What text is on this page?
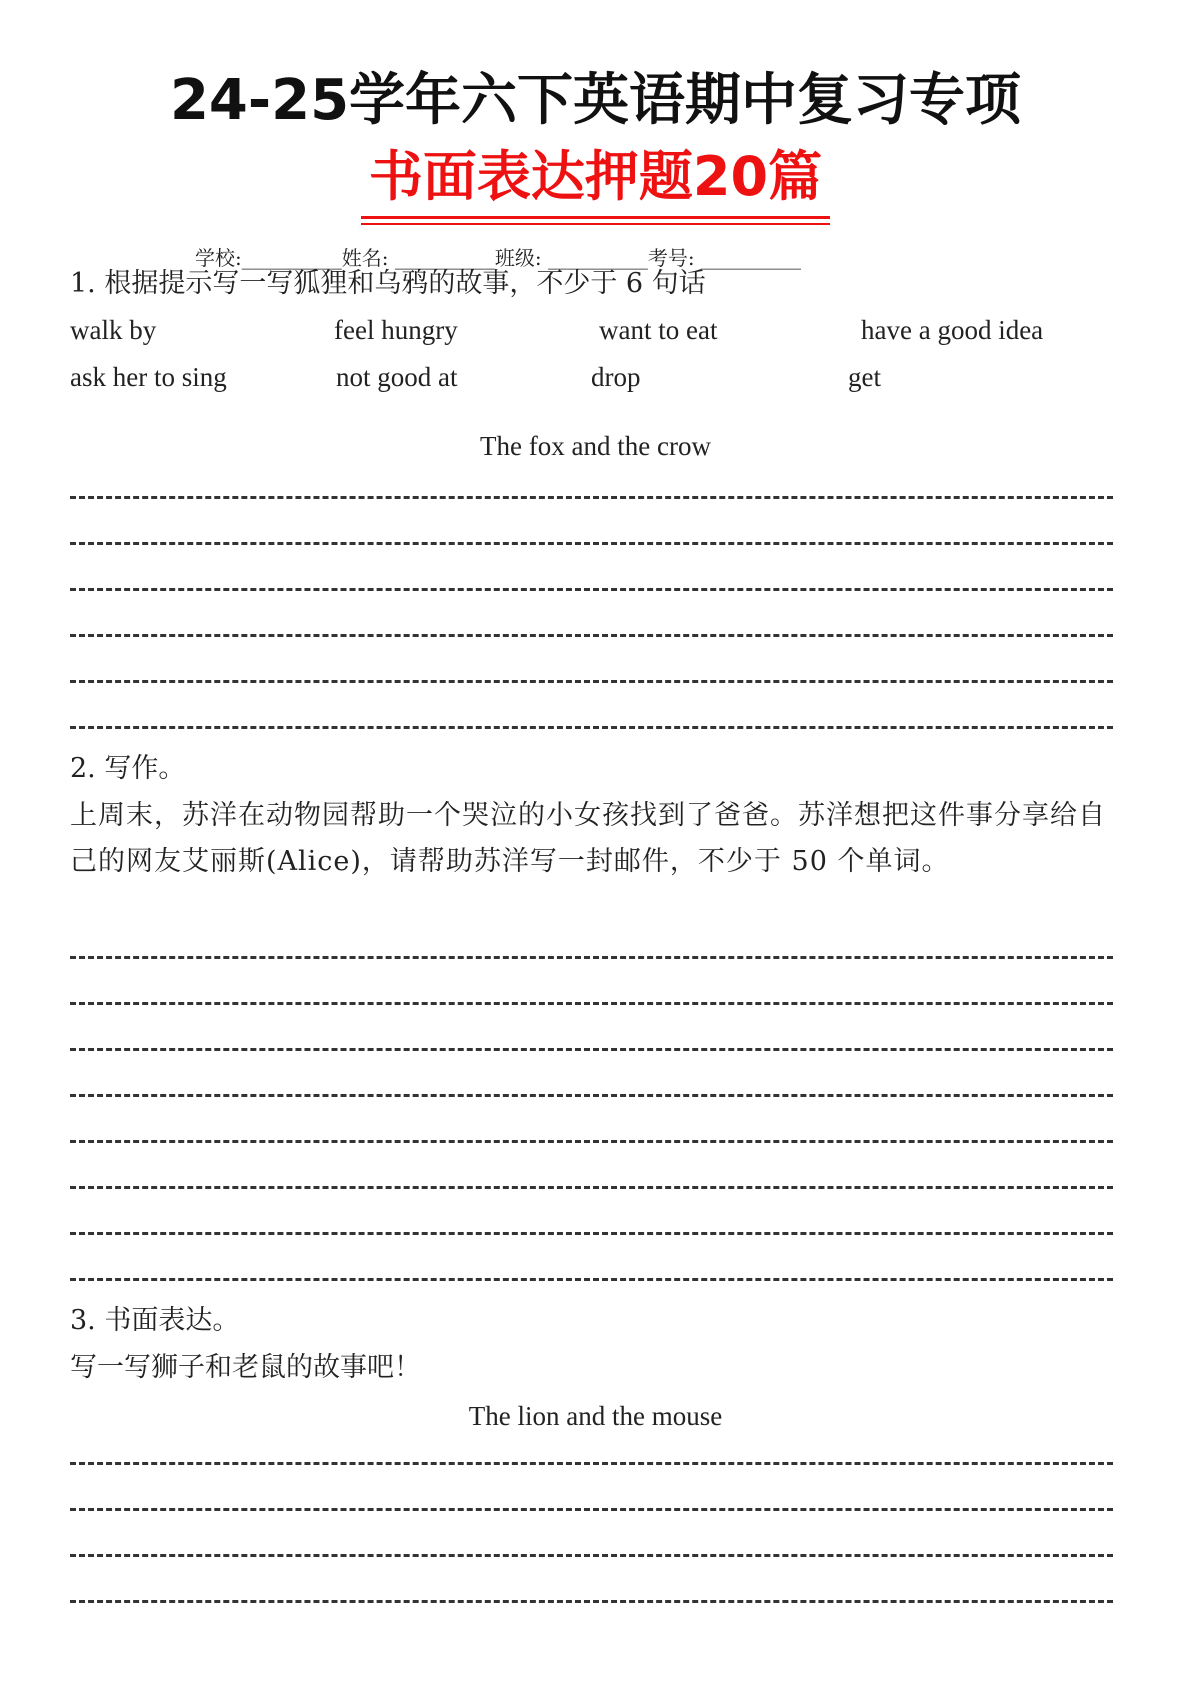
24-25学年六下英语期中复习专项
书面表达押题20篇
学校:__________姓名: __________班级: __________考号: __________
1. 根据提示写一写狐狸和乌鸦的故事，不少于 6 句话
walk by	feel hungry	want to eat	have a good idea
ask her to sing	not good at	drop	get
The fox and the crow
2. 写作。
上周末，苏洋在动物园帮助一个哭泣的小女孩找到了爸爸。苏洋想把这件事分享给自己的网友艾丽斯(Alice)，请帮助苏洋写一封邮件，不少于 50 个单词。
3. 书面表达。
写一写狮子和老鼠的故事吧！
The lion and the mouse
